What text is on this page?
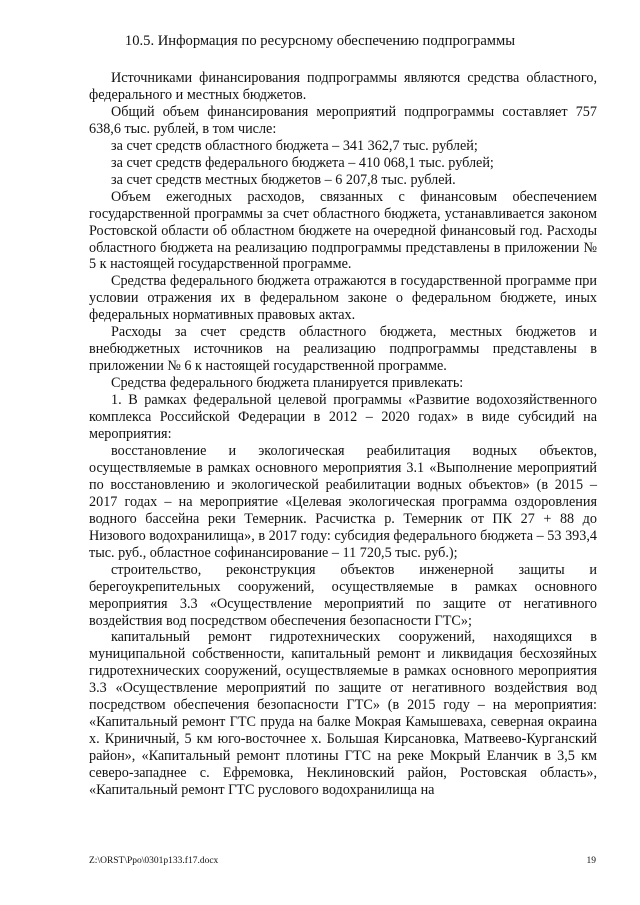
10.5. Информация по ресурсному обеспечению подпрограммы

Источниками финансирования подпрограммы являются средства областного, федерального и местных бюджетов.

Общий объем финансирования мероприятий подпрограммы составляет 757 638,6 тыс. рублей, в том числе:

за счет средств областного бюджета – 341 362,7 тыс. рублей;

за счет средств федерального бюджета – 410 068,1 тыс. рублей;

за счет средств местных бюджетов – 6 207,8 тыс. рублей.

Объем ежегодных расходов, связанных с финансовым обеспечением государственной программы за счет областного бюджета, устанавливается законом Ростовской области об областном бюджете на очередной финансовый год. Расходы областного бюджета на реализацию подпрограммы представлены в приложении № 5 к настоящей государственной программе.

Средства федерального бюджета отражаются в государственной программе при условии отражения их в федеральном законе о федеральном бюджете, иных федеральных нормативных правовых актах.

Расходы за счет средств областного бюджета, местных бюджетов и внебюджетных источников на реализацию подпрограммы представлены в приложении № 6 к настоящей государственной программе.

Средства федерального бюджета планируется привлекать:

1. В рамках федеральной целевой программы «Развитие водохозяйственного комплекса Российской Федерации в 2012 – 2020 годах» в виде субсидий на мероприятия:

восстановление и экологическая реабилитация водных объектов, осуществляемые в рамках основного мероприятия 3.1 «Выполнение мероприятий по восстановлению и экологической реабилитации водных объектов» (в 2015 – 2017 годах – на мероприятие «Целевая экологическая программа оздоровления водного бассейна реки Темерник. Расчистка р. Темерник от ПК 27 + 88 до Низового водохранилища», в 2017 году: субсидия федерального бюджета – 53 393,4 тыс. руб., областное софинансирование – 11 720,5 тыс. руб.);

строительство, реконструкция объектов инженерной защиты и берегоукрепительных сооружений, осуществляемые в рамках основного мероприятия 3.3 «Осуществление мероприятий по защите от негативного воздействия вод посредством обеспечения безопасности ГТС»;

капитальный ремонт гидротехнических сооружений, находящихся в муниципальной собственности, капитальный ремонт и ликвидация бесхозяйных гидротехнических сооружений, осуществляемые в рамках основного мероприятия 3.3 «Осуществление мероприятий по защите от негативного воздействия вод посредством обеспечения безопасности ГТС» (в 2015 году – на мероприятия: «Капитальный ремонт ГТС пруда на балке Мокрая Камышеваха, северная окраина х. Криничный, 5 км юго-восточнее х. Большая Кирсановка, Матвеево-Курганский район», «Капитальный ремонт плотины ГТС на реке Мокрый Еланчик в 3,5 км северо-западнее с. Ефремовка, Неклиновский район, Ростовская область», «Капитальный ремонт ГТС руслового водохранилища на

Z:\ORST\Ppo\0301p133.f17.docx	19
